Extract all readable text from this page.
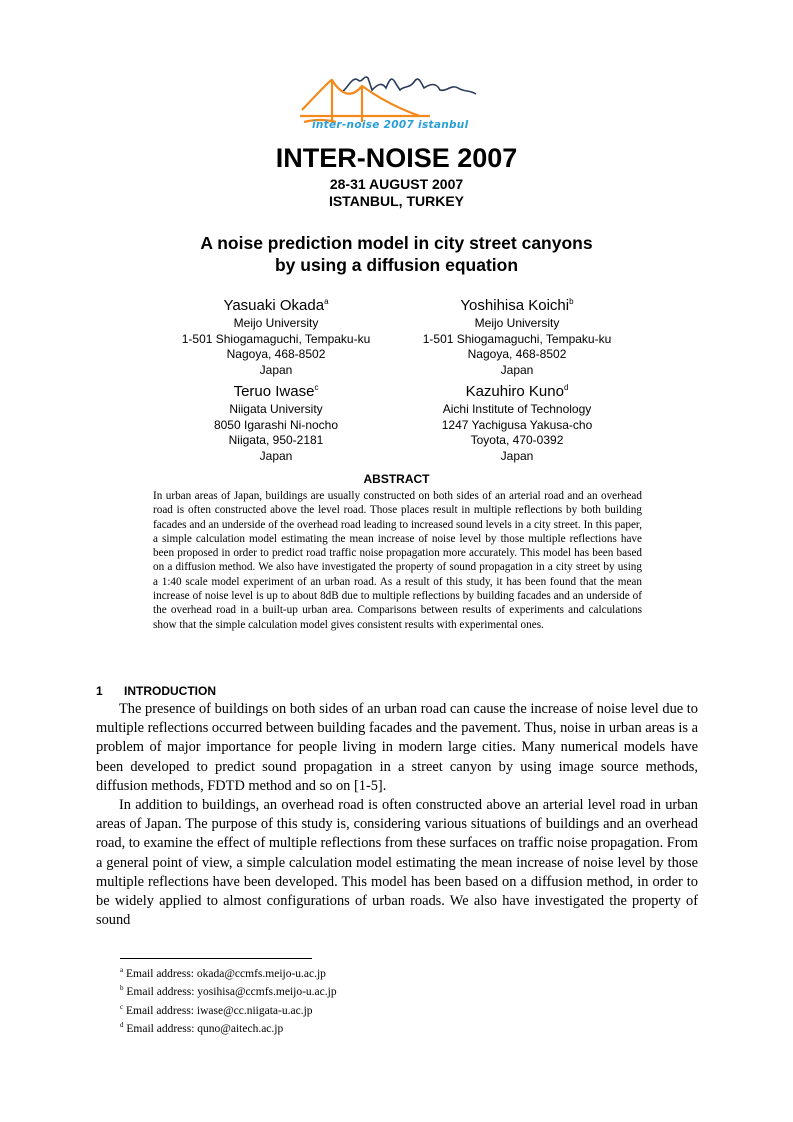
inter-noise 2007 istanbul
INTER-NOISE 2007
28-31 AUGUST 2007
ISTANBUL, TURKEY
A noise prediction model in city street canyons
by using a diffusion equation
Yasuaki Okada$^a$
Meijo University
1-501 Shiogamaguchi, Tempaku-ku
Nagoya, 468-8502
Japan
Yoshihisa Koichi$^b$
Meijo University
1-501 Shiogamaguchi, Tempaku-ku
Nagoya, 468-8502
Japan
Teruo Iwase$^c$
Niigata University
8050 Igarashi Ni-nocho
Niigata, 950-2181
Japan
Kazuhiro Kuno$^d$
Aichi Institute of Technology
1247 Yachigusa Yakusa-cho
Toyota, 470-0392
Japan
ABSTRACT

In urban areas of Japan, buildings are usually constructed on both sides of an arterial road and an overhead road is often constructed above the level road. Those places result in multiple reflections by both building facades and an underside of the overhead road leading to increased sound levels in a city street. In this paper, a simple calculation model estimating the mean increase of noise level by those multiple reflections have been proposed in order to predict road traffic noise propagation more accurately. This model has been based on a diffusion method. We also have investigated the property of sound propagation in a city street by using a 1:40 scale model experiment of an urban road. As a result of this study, it has been found that the mean increase of noise level is up to about 8dB due to multiple reflections by building facades and an underside of the overhead road in a built-up urban area. Comparisons between results of experiments and calculations show that the simple calculation model gives consistent results with experimental ones.

1 INTRODUCTION

The presence of buildings on both sides of an urban road can cause the increase of noise level due to multiple reflections occurred between building facades and the pavement. Thus, noise in urban areas is a problem of major importance for people living in modern large cities. Many numerical models have been developed to predict sound propagation in a street canyon by using image source methods, diffusion methods, FDTD method and so on [1-5].

In addition to buildings, an overhead road is often constructed above an arterial level road in urban areas of Japan. The purpose of this study is, considering various situations of buildings and an overhead road, to examine the effect of multiple reflections from these surfaces on traffic noise propagation. From a general point of view, a simple calculation model estimating the mean increase of noise level by those multiple reflections have been developed. This model has been based on a diffusion method, in order to be widely applied to almost configurations of urban roads. We also have investigated the property of sound

$^a$ Email address: okada@ccmfs.meijo-u.ac.jp
$^b$ Email address: yosihisa@ccmfs.meijo-u.ac.jp
$^c$ Email address: iwase@cc.niigata-u.ac.jp
$^d$ Email address: quno@aitech.ac.jp
